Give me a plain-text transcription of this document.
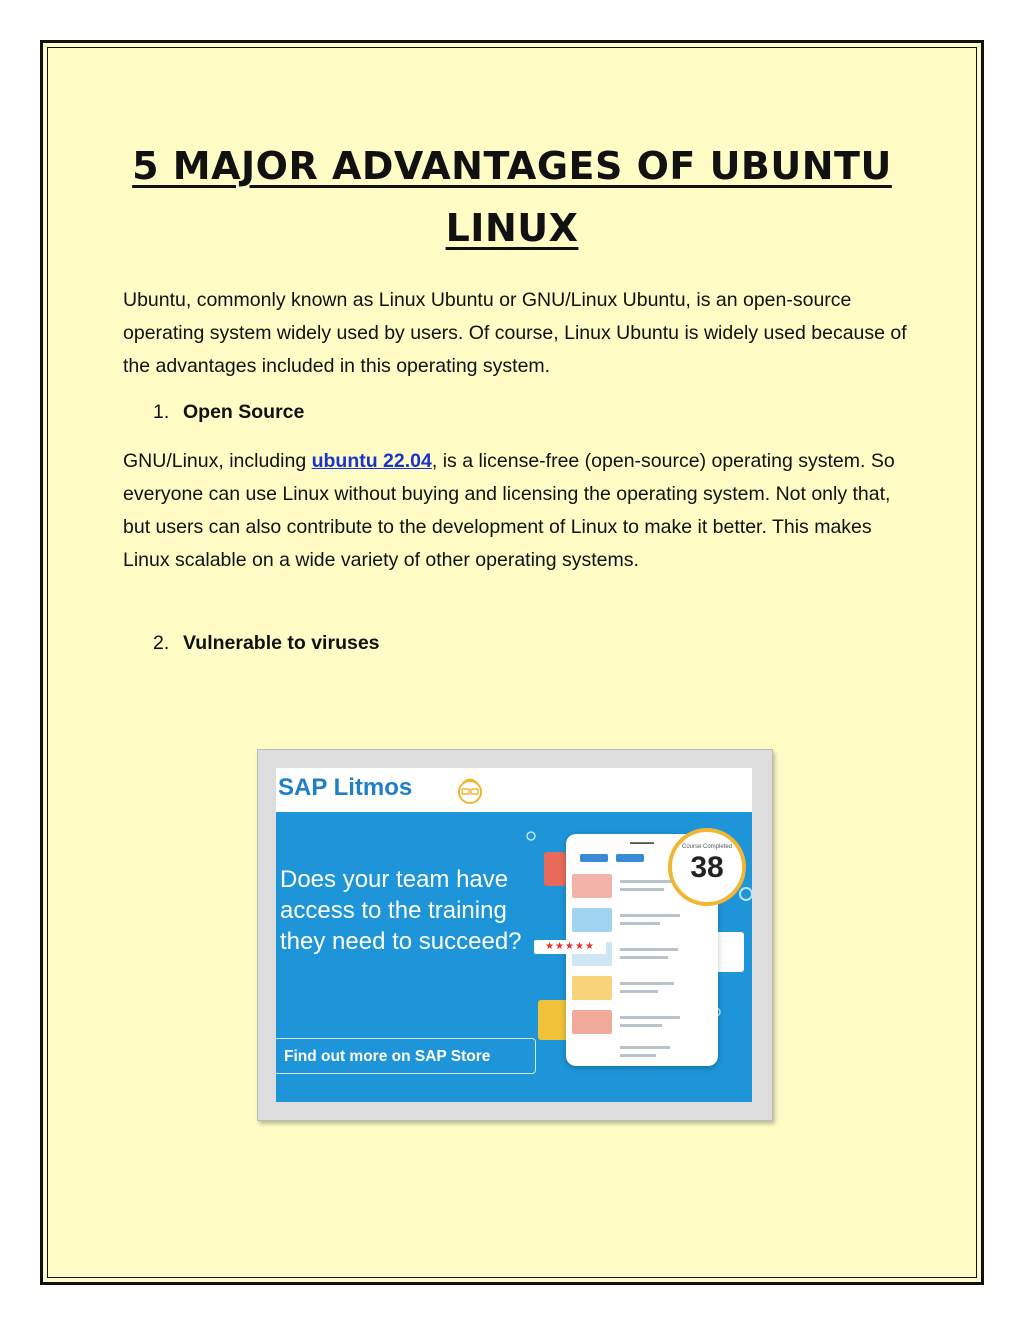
5 MAJOR ADVANTAGES OF UBUNTU
LINUX

Ubuntu, commonly known as Linux Ubuntu or GNU/Linux Ubuntu, is an open-source operating system widely used by users. Of course, Linux Ubuntu is widely used because of the advantages included in this operating system.

1. Open Source

GNU/Linux, including ubuntu 22.04, is a license-free (open-source) operating system. So everyone can use Linux without buying and licensing the operating system. Not only that, but users can also contribute to the development of Linux to make it better. This makes Linux scalable on a wide variety of other operating systems.

2. Vulnerable to viruses
SAP Litmos
Does your team have access to the training they need to succeed?
Find out more on SAP Store
▬▬▬▬
Course Completed
38
★★★★★
